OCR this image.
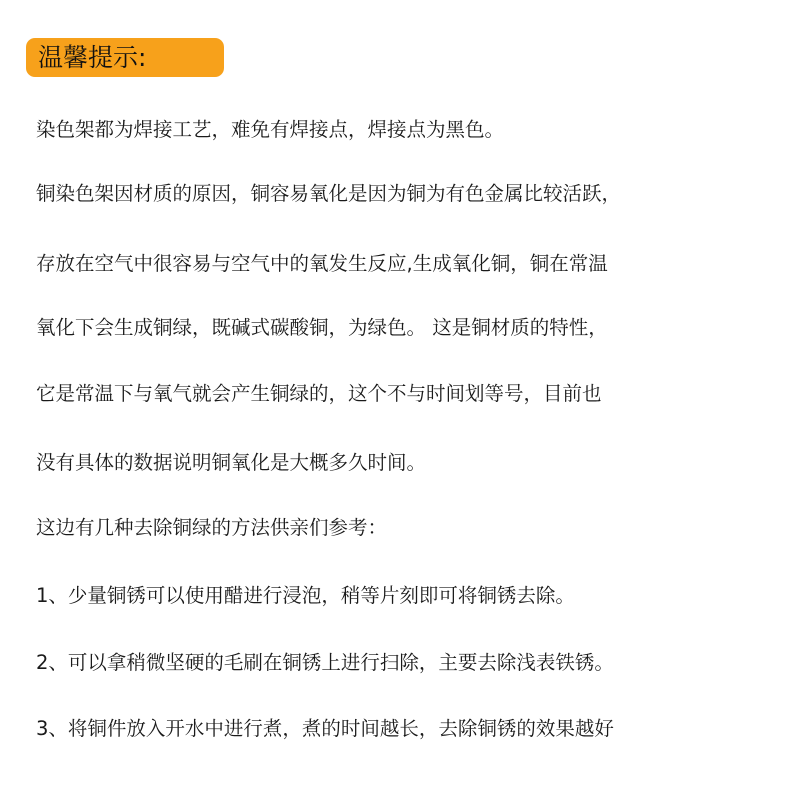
温馨提示:
染色架都为焊接工艺，难免有焊接点，焊接点为黑色。
铜染色架因材质的原因，铜容易氧化是因为铜为有色金属比较活跃，
存放在空气中很容易与空气中的氧发生反应,生成氧化铜，铜在常温
氧化下会生成铜绿，既碱式碳酸铜，为绿色。 这是铜材质的特性，
它是常温下与氧气就会产生铜绿的，这个不与时间划等号，目前也
没有具体的数据说明铜氧化是大概多久时间。
这边有几种去除铜绿的方法供亲们参考：
1、少量铜锈可以使用醋进行浸泡，稍等片刻即可将铜锈去除。
2、可以拿稍微坚硬的毛刷在铜锈上进行扫除，主要去除浅表铁锈。
3、将铜件放入开水中进行煮，煮的时间越长，去除铜锈的效果越好
